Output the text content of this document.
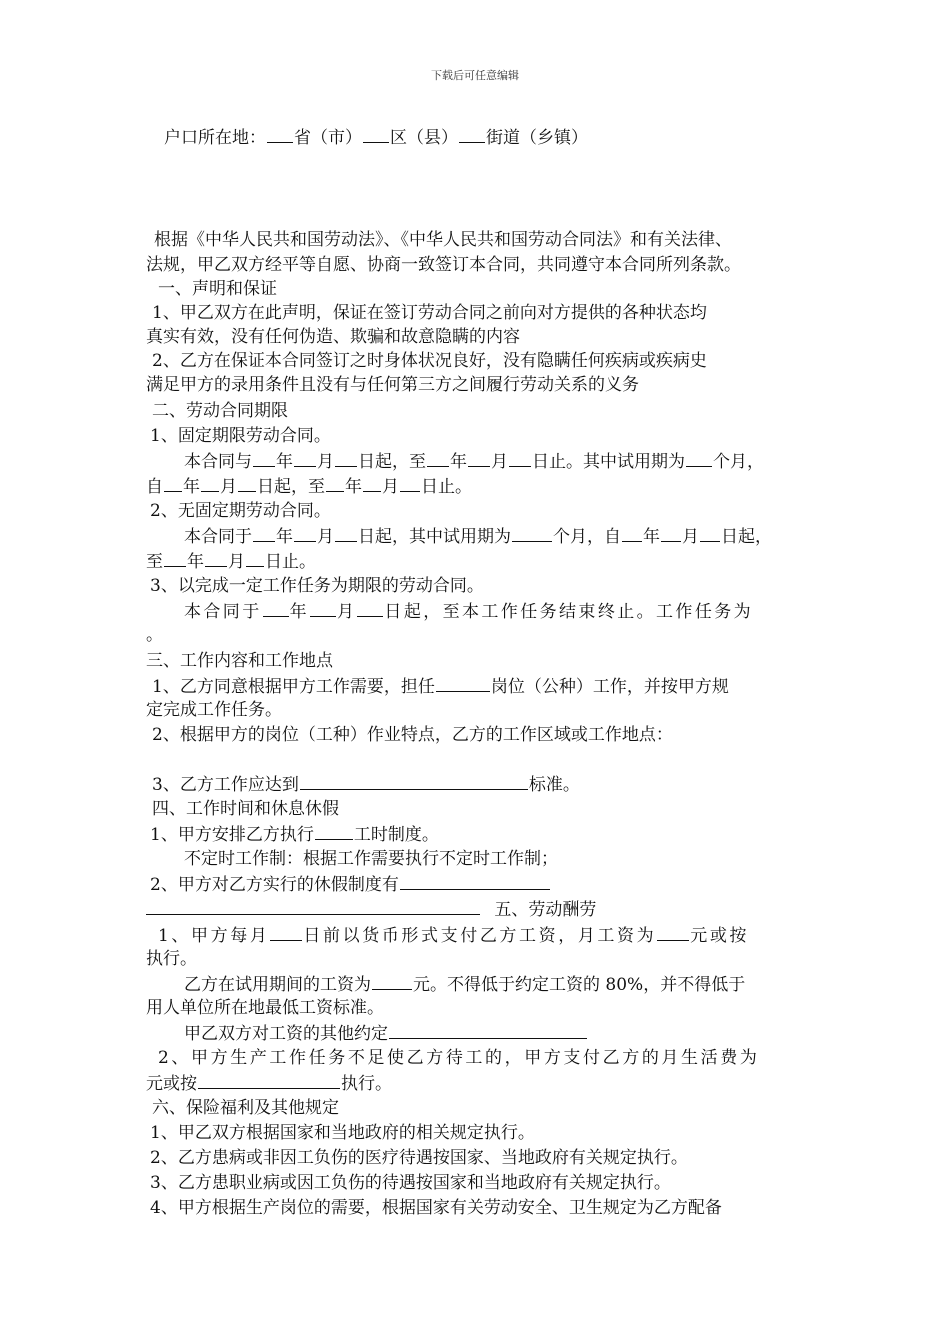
下载后可任意编辑
户口所在地： 省（市） 区（县） 街道（乡镇）
根据《中华人民共和国劳动法》、《中华人民共和国劳动合同法》和有关法律、
法规，甲乙双方经平等自愿、协商一致签订本合同，共同遵守本合同所列条款。
一、声明和保证
1、甲乙双方在此声明，保证在签订劳动合同之前向对方提供的各种状态均
真实有效，没有任何伪造、欺骗和故意隐瞒的内容
2、乙方在保证本合同签订之时身体状况良好，没有隐瞒任何疾病或疾病史
满足甲方的录用条件且没有与任何第三方之间履行劳动关系的义务
二、劳动合同期限
1、固定期限劳动合同。
本合同与 年 月 日起，至 年 月 日止。其中试用期为 个月，
自 年 月 日起，至 年 月 日止。
2、无固定期劳动合同。
本合同于 年 月 日起，其中试用期为 个月，自 年 月 日起，
至 年 月 日止。
3、以完成一定工作任务为期限的劳动合同。
本合同于 年 月 日起，至本工作任务结束终止。工作任务为
。
三、工作内容和工作地点
1、乙方同意根据甲方工作需要，担任	岗位（公种）工作，并按甲方规
定完成工作任务。
2、根据甲方的岗位（工种）作业特点，乙方的工作区域或工作地点：
3、乙方工作应达到	标准。
四、工作时间和休息休假
1、甲方安排乙方执行 工时制度。
不定时工作制：根据工作需要执行不定时工作制；
2、甲方对乙方实行的休假制度有
五、劳动酬劳
1、甲方每月 日前以货币形式支付乙方工资，月工资为 元或按
执行。
乙方在试用期间的工资为 元。不得低于约定工资的 80%，并不得低于
用人单位所在地最低工资标准。
甲乙双方对工资的其他约定
2、甲方生产工作任务不足使乙方待工的，甲方支付乙方的月生活费为
元或按	执行。
六、保险福利及其他规定
1、甲乙双方根据国家和当地政府的相关规定执行。
2、乙方患病或非因工负伤的医疗待遇按国家、当地政府有关规定执行。
3、乙方患职业病或因工负伤的待遇按国家和当地政府有关规定执行。
4、甲方根据生产岗位的需要，根据国家有关劳动安全、卫生规定为乙方配备
